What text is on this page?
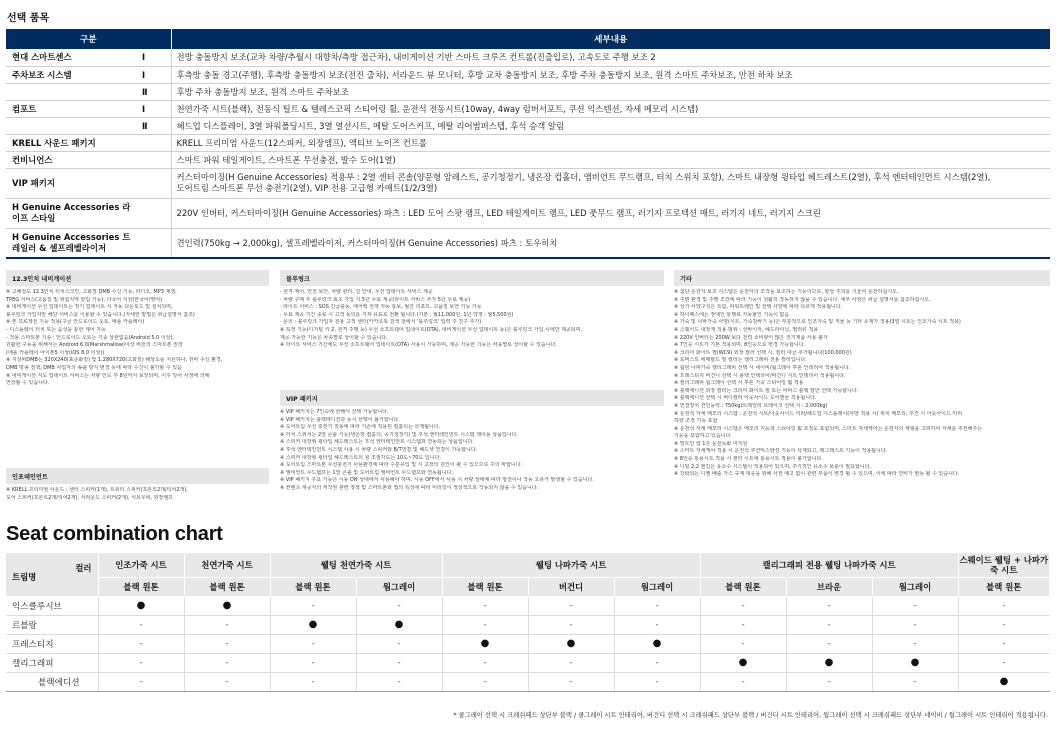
선택 품목
구분	세부내용
현대 스마트센스 Ⅰ	전방 충돌방지 보조(교차 차량/추월시 대향차/측방 접근차), 내비게이션 기반 스마트 크루즈 컨트롤(진출입로), 고속도로 주행 보조 2

주차보조 시스템 Ⅰ	후측방 충돌 경고(주행), 후측방 충돌방지 보조(전진 출차), 서라운드 뷰 모니터, 후방 교차 충돌방지 보조, 후방 주차 충돌방지 보조, 원격 스마트 주차보조, 안전 하차 보조

Ⅱ	후방 주차 충돌방지 보조, 원격 스마트 주차보조

컴포트 Ⅰ	천연가죽 시트(블랙), 전동식 틸트 & 텔레스코픽 스티어링 휠, 운전석 전동시트(10way, 4way 럼버서포트, 쿠션 익스텐션, 자세 메모리 시스템)

Ⅱ	헤드업 디스플레이, 3열 파워폴딩시트, 3열 열선시트, 메탈 도어스커프, 메탈 리어범퍼스텝, 후석 승객 알림

KRELL 사운드 패키지	KRELL 프리미엄 사운드(12스피커, 외장앰프), 액티브 노이즈 컨트롤

컨비니언스	스마트 파워 테일게이트, 스마트폰 무선충전, 발수 도어(1열)

VIP 패키지	커스터마이징(H Genuine Accessories) 적용부 : 2열 센터 콘솔(양문형 암레스트, 공기청정기, 냉온장 컵홀더, 앰비언트 무드램프, 터치 스위치 포함), 스마트 내장형 윙타입 헤드레스트(2열), 후석 엔터테인먼트 시스템(2열),
도어트림 스마트폰 무선 충전기(2열), VIP 전용 고급형 카매트(1/2/3열)

H Genuine Accessories 라이프 스타일	220V 인버터, 커스터마이징(H Genuine Accessories) 파츠 : LED 도어 스팟 램프, LED 테일게이트 램프, LED 풋무드 램프, 러기지 프로텍션 매트, 러기지 네트, 러기지 스크린

H Genuine Accessories 트레일러 & 셀프레벨라이저	견인력(750kg → 2,000kg), 셀프레벨라이저, 커스터마이징(H Genuine Accessories) 파츠 : 토우히치
12.3인치 내비게이션
※ 고해상도 12.3인치 터치스크린, 고화질 DMB 수신 기능, 라디오, MP3 재생,
TPEG 서비스(고품질 및 위험지역 알림 기능), 다국어 지원(한국어/영어)
※ 내비게이션 무선 업데이트는 정기 업데이트 시 자동 다운로드 및 설치되며,
블루링크 가입자만 해당 서비스를 이용할 수 있습니다.(자세한 방법은 취급설명서 참조)
※ 폰 프로젝션 기능 적용(구글 안드로이드 오토, 애플 카플레이)
- 디스플레이 터치 또는 음성을 통한 제어 가능
- 적용 스마트폰 기종 : 안드로이드 오토는 기종 상관없음(Android 5.0 이상),
원활한 구동을 위해서는 Android 6.0(Marshmallow)이상 버전의 스마트폰 권장
(애플 카플레이 아이폰5 이상(iOS 8.0 이상))
※ 지상파DMB는 320X240(표준화질) 및 1,280X720(고화질) 해상도를 지원하나, 전파 수신 환경,
DMB 방송 정책, DMB 사업자의 송출 방식 변경 등에 따라 수신이 불가할 수 있음
※ 내비게이션 지도 업데이트 서비스는 차량 인도 후 8년까지 보장되며, 이후 당사 사정에 의해
연장될 수 있습니다.
인포테인먼트
※ KRELL 프리미엄 사운드 : 센터 스피커(1개), 트위터 스피커(프론트2개/리어2개),
도어 스피커(프론트2개/리어2개), 서라운드 스피커(2개), 서브우퍼, 외장앰프
블루링크
· 원격 제어, 안전 보안, 차량 관리, 길 안내, 무선 업데이트 서비스 제공
· 차량 구매 후 블루링크 최초 가입 시 5년 무료 제공(라이트 서비스 추가 5년 무료 제공)
· 라이트 서비스 : SOS 긴급출동, 에어백 전개 자동 통보, 월간 리포트, 고품질 보안 기능 가능
· 무료 제공 기간 종료 시 고객 동의를 거쳐 유료로 전환 됩니다.(기본 : 월11,000원, 1년 약정 : 월5,500원)
· 문의 : 블루링크 가입자 전용 고객 센터(카카오톡 검색 창에서 '블루링크' 입력 후 친구 추가)
※ 특정 기능(디지털 키 2, 원격 주행 등) 무선 소프트웨어 업데이트(OTA), 내비게이션 무선 업데이트 등)은 블루링크 가입 시에만 제공되며,
제공 가능한 기능은 차종별로 상이할 수 있습니다.
※ 라이트 서비스 기간에도 무선 소프트웨어 업데이트(OTA) 사용이 가능하며, 제공 가능한 기능은 차종별로 상이할 수 있습니다.
VIP 패키지
※ VIP 패키지는 7인승에 한해서 선택 가능합니다.
※ VIP 패키지는 블랙테디션과 동시 선택이 불가합니다.
※ 도어트림 무선 충전기 적용에 따라 기존에 적용된 컵홀더는 삭제됩니다.
※ 터치 스위치는 2열 콘솔 기능(냉온장 컵홀더, 공기청정기) 및 후석 엔터테인먼트 시스템 제어용 상품입니다.
※ 스피커 내장형 윙타입 헤드레스트는 후석 엔터테인먼트 시스템과 연동되는 상품입니다.
※ 후석 엔터테인먼트 시스템 사용 시 차량 스피커와 B/T연결 및 헤드셋 연결이 가능합니다.
※ 스피커 내장형 윙타입 헤드레스트의 윙 조절각도는 10도~70도 입니다.
※ 도어트림 스마트폰 무선충전기 사용환경에 따라 수분유입 및 시 고장의 원인이 될 수 있으므로 주의 바랍니다.
※ 앰비언트 무드램프는 1열 콘솔 및 도어트림 앰비언트 무드램프와 연동됩니다.
※ VIP 패키지 주요 기능은 시동 ON 상태에서 사용해야 하며, 시동 OFF에서 사용 시 차량 상태에 따라 방전이나 작동 오류가 발생할 수 있습니다.
※ 컨텐츠 재공자의 저작권 관련 정책 및 스마트폰과 앱의 특성에 따라 미러링이 정상적으로 작동되지 않을 수 있습니다.
기타
※ 첨단 운전자 보조 시스템은 운전자의 조작을 보조하는 기능이므로, 항상 주의를 기울여 운전하십시오.
※ 주변 환경 및 주행 조건에 따라 기능이 원활히 작동하지 않을 수 있습니다. 세부 사항은 취급 설명서를 참조하십시오.
※ 상기 사양구성은 트림, 파워트레인 및 선택 사양에 따라 다르게 적용됩니다.
※ 하이패스에는 장애인 통행료 자동할인 기능이 없음
※ 가죽 및 나파가죽 사양(시트, 가죽감싸기 등)은 부분적으로 인조가죽 및 직물 등 기타 소재가 적용(3열 시트는 인조가죽 시트 적용)
※ 스웨이드 내장재 적용 범위 : 선바이저, 헤드라이닝, 필러류 적용
※ 220V 인버터는 200W 보다 전력 소비량이 많은 전기제품 사용 불가
※ 7인승 시트가 기본 적용되며, 8인승으로 변경 가능합니다.
※ 크리미 화이트 펄(WC9) 외장 컬러 선택 시, 컬러 대금 추가됩니다(100,000원)
※ 로버스트 에메랄드 펄 컬러는 캘리그래피 전용 컬러입니다.
※ 웜팅 나파가죽 캘리그래피 선택 시 네이비/웜그레이 투톤 인테리어 적용됩니다.
※ 프레스티지 버건디 선택 시 블랙 인테리어/버건디 시트 인테리어 적용됩니다.
※ 캘리그래피 웜그레이 선택 시 투톤 가죽 스티어링 휠 적용
※ 블랙에디션 외장 컬러는 크리미 화이트 펄 또는 어비스 블랙 펄만 선택 가능합니다.
※ 블랙에디션 선택 시 버디컬러 아웃사이드 도어핸들 적용됩니다.
※ 연결장치 견인능력 : 750kg(트레일러 브레이크 선택 시 : 2,000kg)
※ 운전석 자세 메모리 시스템 : 운전석 시트/아웃사이드 미러/헤드업 디스플레이(사양 적용 시) 위치 메모리, 후진 시 아웃사이드 미러
하향 조정 기능 포함
※ 운전석 자세 메모리 시스템은 메모리 기능과 스티어링 휠 조정도 포함되며, 스마트 자세케어는 운전자의 체형을 고려하여 자세를 추천해주는
기능을 포함하고 있습니다.
※ 빌트인 캠 1은 운전녹화 미지원
※ 스마트 자세케어 적용 시 운전석 쿠션익스텐션 기능이 삭제되고, 레그레스트 기능이 적용됩니다.
※ 8인승 통풍시트 적용 시 센터 시트에 통풍시트 적용이 불가합니다.
※ 디털 2.2 엔진은 유소수 시스템이 적용되어 있으며, 주기적인 유소수 보충이 필요합니다.
※ 강화되는 디젤 배출 가스 규제 대응을 위해 사전 예고 없이 관련 부품이 변경 될 수 있으며, 이에 따라 연비가 변동 될 수 있습니다.
Seat combination chart
컬러
트림명	인조가죽 시트	천연가죽 시트	웰팅 천연가죽 시트		웰팅 나파가죽 시트			캘리그래피 전용 웰팅 나파가죽 시트			스웨이드 웰팅 + 나파가죽 시트
	블랙 원톤	블랙 원톤	블랙 원톤	웜그레이	블랙 원톤	버건디	웜그레이	블랙 원톤	브라운	웜그레이	블랙 원톤
익스클루시브	●	●	-	-	-	-	-	-	-	-	-
르블랑	-	-	●	●	-	-	-	-	-	-	-
프레스티지	-	-	-	-	●	●	●	-	-	-	-
캘리그래피	-	-	-	-	-	-	-	●	●	●	-
블랙에디션	-	-	-	-	-	-	-	-	-	-	●
* 쿨그레이 선택 시 크레쉬패드 상단부 블랙 / 쿨그레이 시트 인테리어, 버건디 선택 시 크레쉬패드 상단부 블랙 / 버건디 시트 인테리어, 웜그레이 선택 시 크레쉬패드 상단부 네이비 / 웜그레이 시트 인테리어 적용됩니다.
